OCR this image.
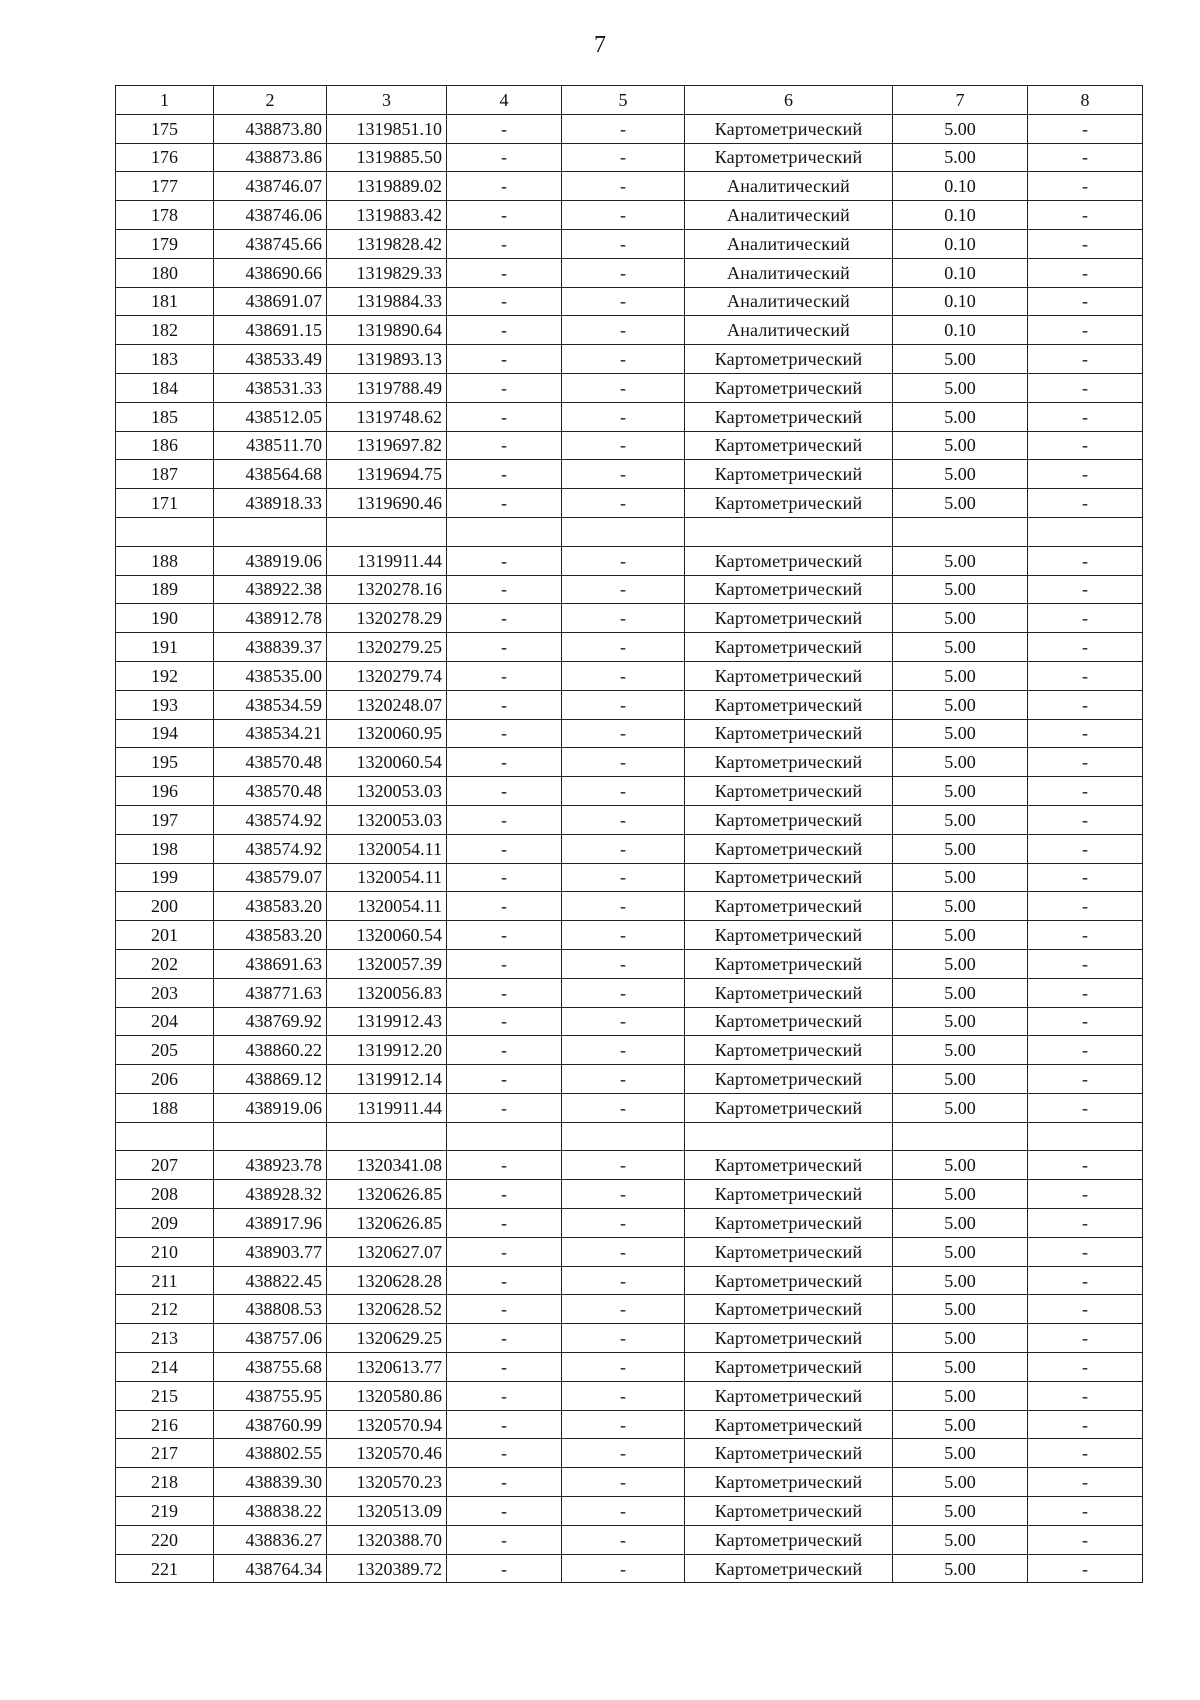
7
1	2	3	4	5	6	7	8
175	438873.80	1319851.10	-	-	Картометрический	5.00	-
176	438873.86	1319885.50	-	-	Картометрический	5.00	-
177	438746.07	1319889.02	-	-	Аналитический	0.10	-
178	438746.06	1319883.42	-	-	Аналитический	0.10	-
179	438745.66	1319828.42	-	-	Аналитический	0.10	-
180	438690.66	1319829.33	-	-	Аналитический	0.10	-
181	438691.07	1319884.33	-	-	Аналитический	0.10	-
182	438691.15	1319890.64	-	-	Аналитический	0.10	-
183	438533.49	1319893.13	-	-	Картометрический	5.00	-
184	438531.33	1319788.49	-	-	Картометрический	5.00	-
185	438512.05	1319748.62	-	-	Картометрический	5.00	-
186	438511.70	1319697.82	-	-	Картометрический	5.00	-
187	438564.68	1319694.75	-	-	Картометрический	5.00	-
171	438918.33	1319690.46	-	-	Картометрический	5.00	-

188	438919.06	1319911.44	-	-	Картометрический	5.00	-
189	438922.38	1320278.16	-	-	Картометрический	5.00	-
190	438912.78	1320278.29	-	-	Картометрический	5.00	-
191	438839.37	1320279.25	-	-	Картометрический	5.00	-
192	438535.00	1320279.74	-	-	Картометрический	5.00	-
193	438534.59	1320248.07	-	-	Картометрический	5.00	-
194	438534.21	1320060.95	-	-	Картометрический	5.00	-
195	438570.48	1320060.54	-	-	Картометрический	5.00	-
196	438570.48	1320053.03	-	-	Картометрический	5.00	-
197	438574.92	1320053.03	-	-	Картометрический	5.00	-
198	438574.92	1320054.11	-	-	Картометрический	5.00	-
199	438579.07	1320054.11	-	-	Картометрический	5.00	-
200	438583.20	1320054.11	-	-	Картометрический	5.00	-
201	438583.20	1320060.54	-	-	Картометрический	5.00	-
202	438691.63	1320057.39	-	-	Картометрический	5.00	-
203	438771.63	1320056.83	-	-	Картометрический	5.00	-
204	438769.92	1319912.43	-	-	Картометрический	5.00	-
205	438860.22	1319912.20	-	-	Картометрический	5.00	-
206	438869.12	1319912.14	-	-	Картометрический	5.00	-
188	438919.06	1319911.44	-	-	Картометрический	5.00	-

207	438923.78	1320341.08	-	-	Картометрический	5.00	-
208	438928.32	1320626.85	-	-	Картометрический	5.00	-
209	438917.96	1320626.85	-	-	Картометрический	5.00	-
210	438903.77	1320627.07	-	-	Картометрический	5.00	-
211	438822.45	1320628.28	-	-	Картометрический	5.00	-
212	438808.53	1320628.52	-	-	Картометрический	5.00	-
213	438757.06	1320629.25	-	-	Картометрический	5.00	-
214	438755.68	1320613.77	-	-	Картометрический	5.00	-
215	438755.95	1320580.86	-	-	Картометрический	5.00	-
216	438760.99	1320570.94	-	-	Картометрический	5.00	-
217	438802.55	1320570.46	-	-	Картометрический	5.00	-
218	438839.30	1320570.23	-	-	Картометрический	5.00	-
219	438838.22	1320513.09	-	-	Картометрический	5.00	-
220	438836.27	1320388.70	-	-	Картометрический	5.00	-
221	438764.34	1320389.72	-	-	Картометрический	5.00	-
